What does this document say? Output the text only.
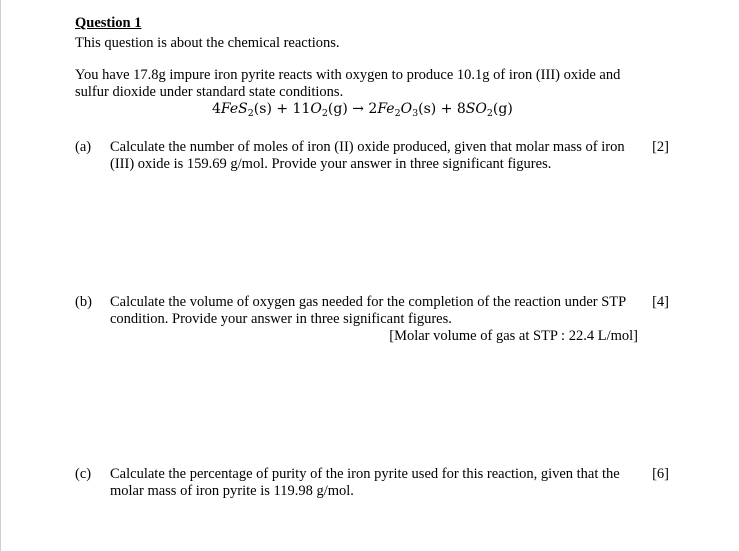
Question 1
This question is about the chemical reactions.
You have 17.8g impure iron pyrite reacts with oxygen to produce 10.1g of iron (III) oxide and
sulfur dioxide under standard state conditions.
$4FeS_2(s) + 11O_2(g) \to 2Fe_2O_3(s) + 8SO_2(g)$
(a)	Calculate the number of moles of iron (II) oxide produced, given that molar mass of iron
(III) oxide is 159.69 g/mol. Provide your answer in three significant figures.
[2]
(b)	Calculate the volume of oxygen gas needed for the completion of the reaction under STP
condition. Provide your answer in three significant figures.
[Molar volume of gas at STP : 22.4 L/mol]
[4]
(c)	Calculate the percentage of purity of the iron pyrite used for this reaction, given that the
molar mass of iron pyrite is 119.98 g/mol.
[6]
